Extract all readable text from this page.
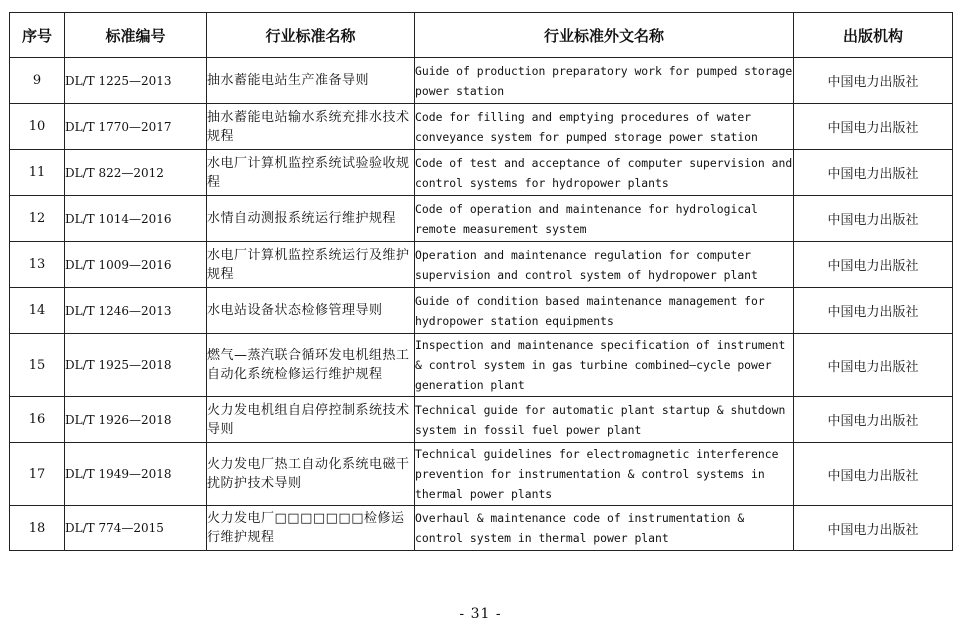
序号	标准编号	行业标准名称	行业标准外文名称	出版机构
9	DL/T 1225—2013	抽水蓄能电站生产准备导则	Guide of production preparatory work for pumped storage power station	中国电力出版社
10	DL/T 1770—2017	抽水蓄能电站输水系统充排水技术规程	Code for filling and emptying procedures of water conveyance system for pumped storage power station	中国电力出版社
11	DL/T 822—2012	水电厂计算机监控系统试验验收规程	Code of test and acceptance of computer supervision and control systems for hydropower plants	中国电力出版社
12	DL/T 1014—2016	水情自动测报系统运行维护规程	Code of operation and maintenance for hydrological remote measurement system	中国电力出版社
13	DL/T 1009—2016	水电厂计算机监控系统运行及维护规程	Operation and maintenance regulation for computer supervision and control system of hydropower plant	中国电力出版社
14	DL/T 1246—2013	水电站设备状态检修管理导则	Guide of condition based maintenance management for hydropower station equipments	中国电力出版社
15	DL/T 1925—2018	燃气—蒸汽联合循环发电机组热工自动化系统检修运行维护规程	Inspection and maintenance specification of instrument & control system in gas turbine combined—cycle power generation plant	中国电力出版社
16	DL/T 1926—2018	火力发电机组自启停控制系统技术导则	Technical guide for automatic plant startup & shutdown system in fossil fuel power plant	中国电力出版社
17	DL/T 1949—2018	火力发电厂热工自动化系统电磁干扰防护技术导则	Technical guidelines for electromagnetic interference prevention for instrumentation & control systems in thermal power plants	中国电力出版社
18	DL/T 774—2015	火力发电厂□□□□□□□检修运行维护规程	Overhaul & maintenance code of instrumentation & control system in thermal power plant	中国电力出版社
- 31 -
